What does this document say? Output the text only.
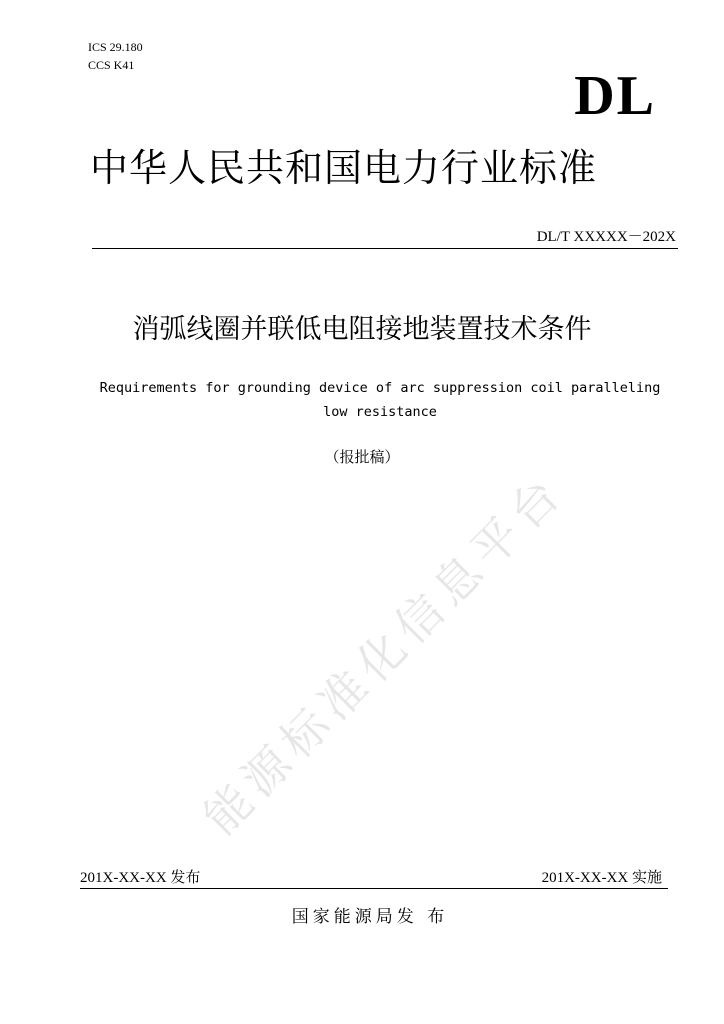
ICS 29.180
CCS K41	DL
中华人民共和国电力行业标准
DL/T XXXXX－202X
消弧线圈并联低电阻接地装置技术条件
Requirements for grounding device of arc suppression coil paralleling
low resistance
（报批稿）
能源标准化信息平台
201X-XX-XX 发布	201X-XX-XX 实施
国家能源局发 布
